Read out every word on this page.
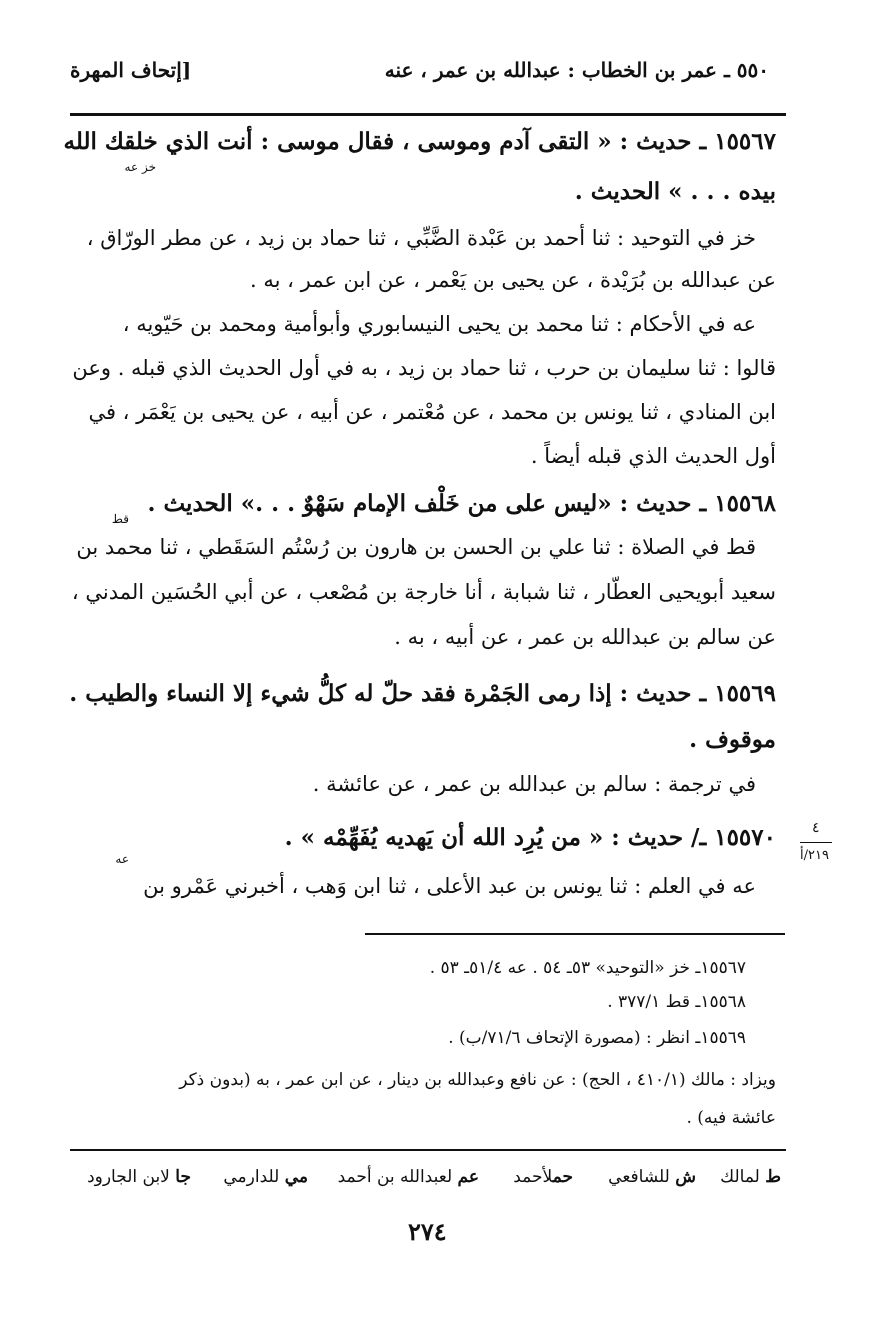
٥٥٠ ـ عمر بن الخطاب : عبدالله بن عمر ، عنه
[إتحاف المهرة
١٥٥٦٧ ـ حديث : « التقى آدم وموسى ، فقال موسى : أنت الذي خلقك الله
خز عه
بيده . . . » الحديث .
خز في التوحيد : ثنا أحمد بن عَبْدة الضَّبِّي ، ثنا حماد بن زيد ، عن مطر الورّاق ،
عن عبدالله بن بُرَيْدة ، عن يحيى بن يَعْمر ، عن ابن عمر ، به .
عه في الأحكام : ثنا محمد بن يحيى النيسابوري وأبوأمية ومحمد بن حَيّويه ،
قالوا : ثنا سليمان بن حرب ، ثنا حماد بن زيد ، به في أول الحديث الذي قبله . وعن
ابن المنادي ، ثنا يونس بن محمد ، عن مُعْتمر ، عن أبيه ، عن يحيى بن يَعْمَر ، في
أول الحديث الذي قبله أيضاً .
١٥٥٦٨ ـ حديث : «ليس على من خَلْف الإمام سَهْوٌ . . .» الحديث .
قط
قط في الصلاة : ثنا علي بن الحسن بن هارون بن رُسْتُم السَقَطي ، ثنا محمد بن
سعيد أبويحيى العطّار ، ثنا شبابة ، أنا خارجة بن مُصْعب ، عن أبي الحُسَين المدني ،
عن سالم بن عبدالله بن عمر ، عن أبيه ، به .
١٥٥٦٩ ـ حديث : إذا رمى الجَمْرة فقد حلّ له كلُّ شيء إلا النساء والطيب .
موقوف .
في ترجمة : سالم بن عبدالله بن عمر ، عن عائشة .
١٥٥٧٠ ـ/ حديث : « من يُرِد الله أن يَهديه يُفَهِّمْه » .
عه
عه في العلم : ثنا يونس بن عبد الأعلى ، ثنا ابن وَهب ، أخبرني عَمْرو بن
٤
٢١٩/أ
١٥٥٦٧ـ خز «التوحيد» ٥٣ـ ٥٤ . عه ٥١/٤ـ ٥٣ .
١٥٥٦٨ـ قط ٣٧٧/١ .
١٥٥٦٩ـ انظر : (مصورة الإتحاف ٧١/٦/ب) .
ويزاد : مالك (٤١٠/١ ، الحج) : عن نافع وعبدالله بن دينار ، عن ابن عمر ، به (بدون ذكر
عائشة فيه) .
ط لمالك
ش للشافعي
حملأحمد
عم لعبدالله بن أحمد
مي للدارمي
جا لابن الجارود
٢٧٤
